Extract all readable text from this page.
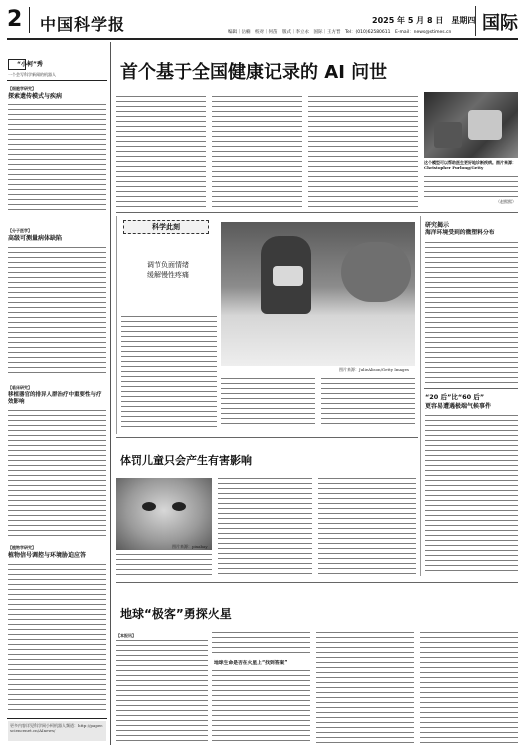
2 中国科学报	2025 年 5 月 8 日　星期四
编辑｜岳楠　校对｜何苗　版式｜李立永　国际｜王方晋　Tel：(010)62580611　E-mail：news@stimes.cn 国际
“小柯”秀
一个会写科学新闻的机器人
【细胞学研究】
探索遗传模式与疾病
【分子医学】
高级可测量病体缺陷
【临床研究】
移植器官的排异人群治疗中重要性与疗效影响
【植物学研究】
植物信号调控与环境胁迫应答
更多内容详见科学网小柯机器人频道：http://paper.sciencenet.cn/AInews/
首个基于全国健康记录的 AI 问世
这个模型可以帮助医生更好地诊断疾病。图片来源：Christopher Furlong/Getty
（赵熙熙）
科学此刻
调节负面情绪
缓解慢性疼痛
图片来源：JulieAlison/Getty Images
研究揭示
海洋环境受到的微塑料分布
“20 后”比“60 后”
更容易遭遇极端气候事件
体罚儿童只会产生有害影响
图片来源：pixabay
地球“极客”勇探火星
【本报讯】
地球生命是否在火星上“找到答案”
